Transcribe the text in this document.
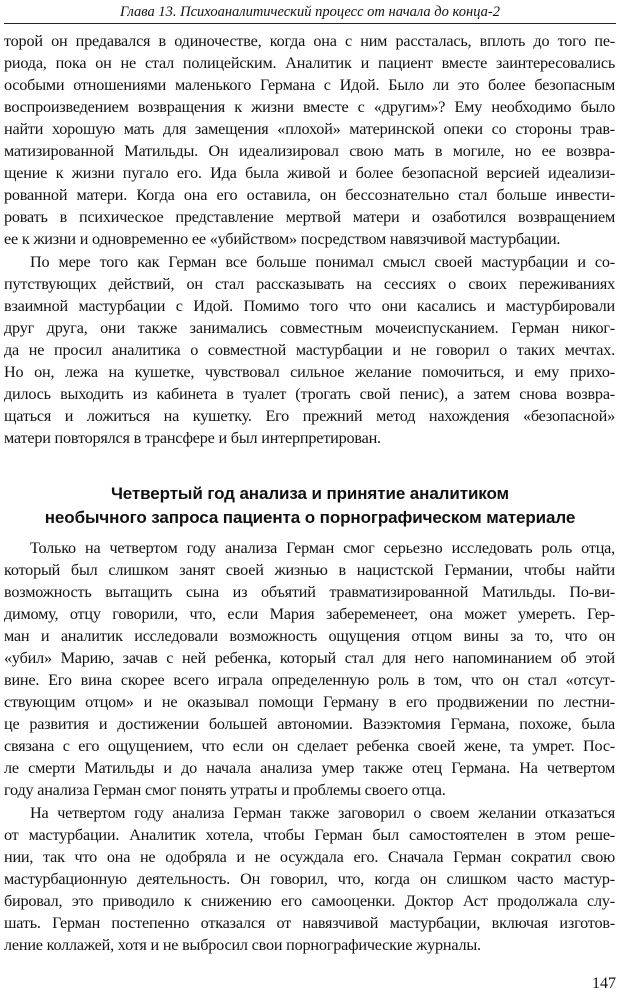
Глава 13. Психоаналитический процесс от начала до конца-2
торой он предавался в одиночестве, когда она с ним рассталась, вплоть до того пе-
риода, пока он не стал полицейским. Аналитик и пациент вместе заинтересовались
особыми отношениями маленького Германа с Идой. Было ли это более безопасным
воспроизведением возвращения к жизни вместе с «другим»? Ему необходимо было
найти хорошую мать для замещения «плохой» материнской опеки со стороны трав-
матизированной Матильды. Он идеализировал свою мать в могиле, но ее возвра-
щение к жизни пугало его. Ида была живой и более безопасной версией идеализи-
рованной матери. Когда она его оставила, он бессознательно стал больше инвести-
ровать в психическое представление мертвой матери и озаботился возвращением
ее к жизни и одновременно ее «убийством» посредством навязчивой мастурбации.
По мере того как Герман все больше понимал смысл своей мастурбации и со-
путствующих действий, он стал рассказывать на сессиях о своих переживаниях
взаимной мастурбации с Идой. Помимо того что они касались и мастурбировали
друг друга, они также занимались совместным мочеиспусканием. Герман никог-
да не просил аналитика о совместной мастурбации и не говорил о таких мечтах.
Но он, лежа на кушетке, чувствовал сильное желание помочиться, и ему прихо-
дилось выходить из кабинета в туалет (трогать свой пенис), а затем снова возвра-
щаться и ложиться на кушетку. Его прежний метод нахождения «безопасной»
матери повторялся в трансфере и был интерпретирован.
Четвертый год анализа и принятие аналитиком
необычного запроса пациента о порнографическом материале
Только на четвертом году анализа Герман смог серьезно исследовать роль отца,
который был слишком занят своей жизнью в нацистской Германии, чтобы найти
возможность вытащить сына из объятий травматизированной Матильды. По-ви-
димому, отцу говорили, что, если Мария забеременеет, она может умереть. Гер-
ман и аналитик исследовали возможность ощущения отцом вины за то, что он
«убил» Марию, зачав с ней ребенка, который стал для него напоминанием об этой
вине. Его вина скорее всего играла определенную роль в том, что он стал «отсут-
ствующим отцом» и не оказывал помощи Герману в его продвижении по лестни-
це развития и достижении большей автономии. Вазэктомия Германа, похоже, была
связана с его ощущением, что если он сделает ребенка своей жене, та умрет. Пос-
ле смерти Матильды и до начала анализа умер также отец Германа. На четвертом
году анализа Герман смог понять утраты и проблемы своего отца.
На четвертом году анализа Герман также заговорил о своем желании отказаться
от мастурбации. Аналитик хотела, чтобы Герман был самостоятелен в этом реше-
нии, так что она не одобряла и не осуждала его. Сначала Герман сократил свою
мастурбационную деятельность. Он говорил, что, когда он слишком часто мастур-
бировал, это приводило к снижению его самооценки. Доктор Аст продолжала слу-
шать. Герман постепенно отказался от навязчивой мастурбации, включая изготов-
ление коллажей, хотя и не выбросил свои порнографические журналы.
147
